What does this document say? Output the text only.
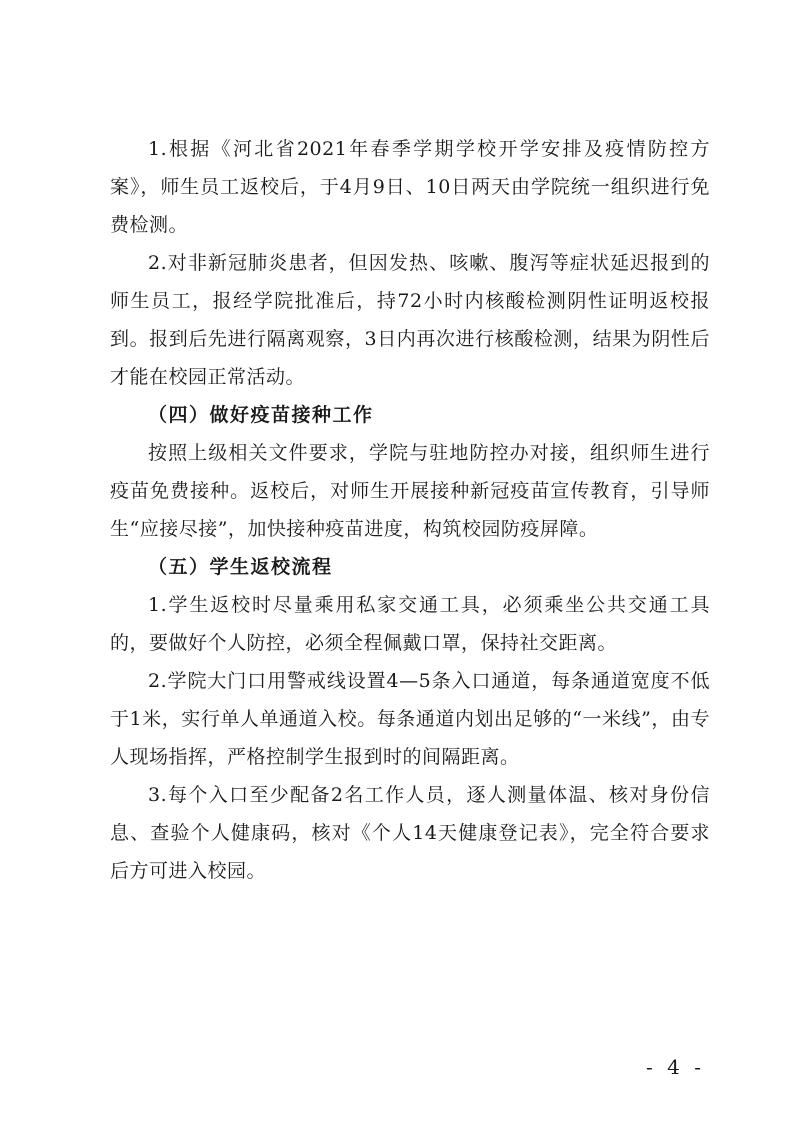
1.根据《河北省2021年春季学期学校开学安排及疫情防控方案》，师生员工返校后，于4月9日、10日两天由学院统一组织进行免费检测。

2.对非新冠肺炎患者，但因发热、咳嗽、腹泻等症状延迟报到的师生员工，报经学院批准后，持72小时内核酸检测阴性证明返校报到。报到后先进行隔离观察，3日内再次进行核酸检测，结果为阴性后才能在校园正常活动。

（四）做好疫苗接种工作

按照上级相关文件要求，学院与驻地防控办对接，组织师生进行疫苗免费接种。返校后，对师生开展接种新冠疫苗宣传教育，引导师生“应接尽接”，加快接种疫苗进度，构筑校园防疫屏障。

（五）学生返校流程

1.学生返校时尽量乘用私家交通工具，必须乘坐公共交通工具的，要做好个人防控，必须全程佩戴口罩，保持社交距离。

2.学院大门口用警戒线设置4—5条入口通道，每条通道宽度不低于1米，实行单人单通道入校。每条通道内划出足够的“一米线”，由专人现场指挥，严格控制学生报到时的间隔距离。

3.每个入口至少配备2名工作人员，逐人测量体温、核对身份信息、查验个人健康码，核对《个人14天健康登记表》，完全符合要求后方可进入校园。

- 4 -
